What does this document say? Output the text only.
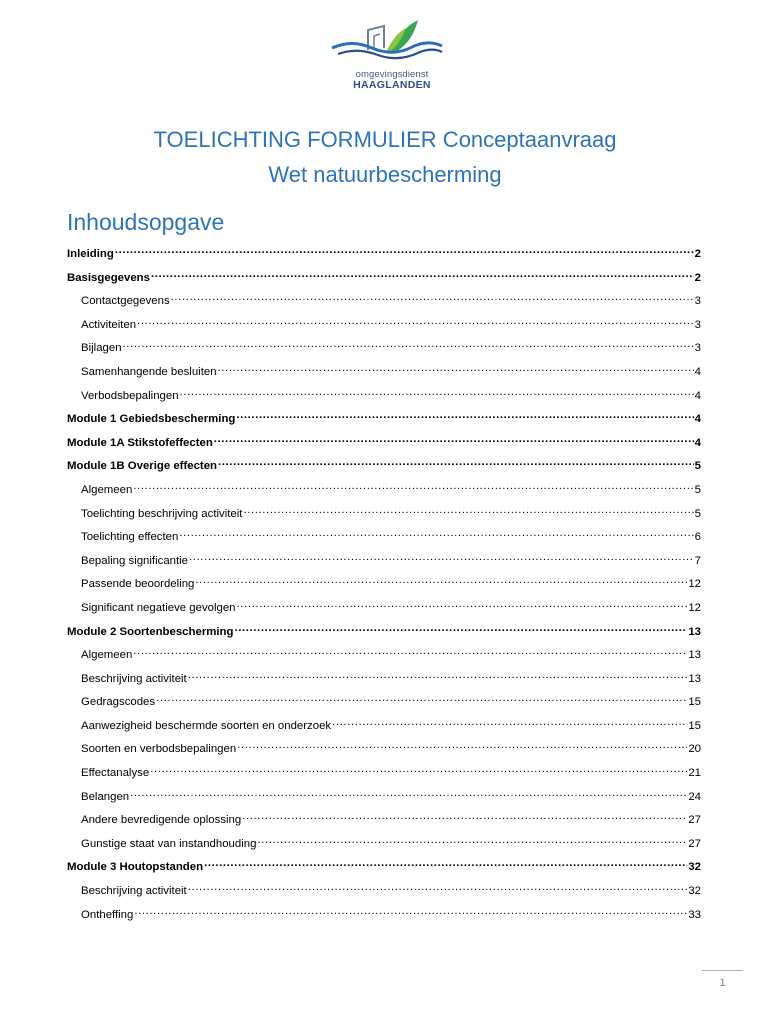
omgevingsdienst
HAAGLANDEN
TOELICHTING FORMULIER Conceptaanvraag
Wet natuurbescherming
Inhoudsopgave
Inleiding .....	2
Basisgegevens .....	2
Contactgegevens .....	3
Activiteiten .....	3
Bijlagen .....	3
Samenhangende besluiten .....	4
Verbodsbepalingen .....	4
Module 1 Gebiedsbescherming .....	4
Module 1A Stikstofeffecten .....	4
Module 1B Overige effecten .....	5
Algemeen .....	5
Toelichting beschrijving activiteit .....	5
Toelichting effecten .....	6
Bepaling significantie .....	7
Passende beoordeling .....	12
Significant negatieve gevolgen .....	12
Module 2 Soortenbescherming .....	13
Algemeen .....	13
Beschrijving activiteit .....	13
Gedragscodes .....	15
Aanwezigheid beschermde soorten en onderzoek .....	15
Soorten en verbodsbepalingen .....	20
Effectanalyse .....	21
Belangen .....	24
Andere bevredigende oplossing .....	27
Gunstige staat van instandhouding .....	27
Module 3 Houtopstanden .....	32
Beschrijving activiteit .....	32
Ontheffing .....	33
1
